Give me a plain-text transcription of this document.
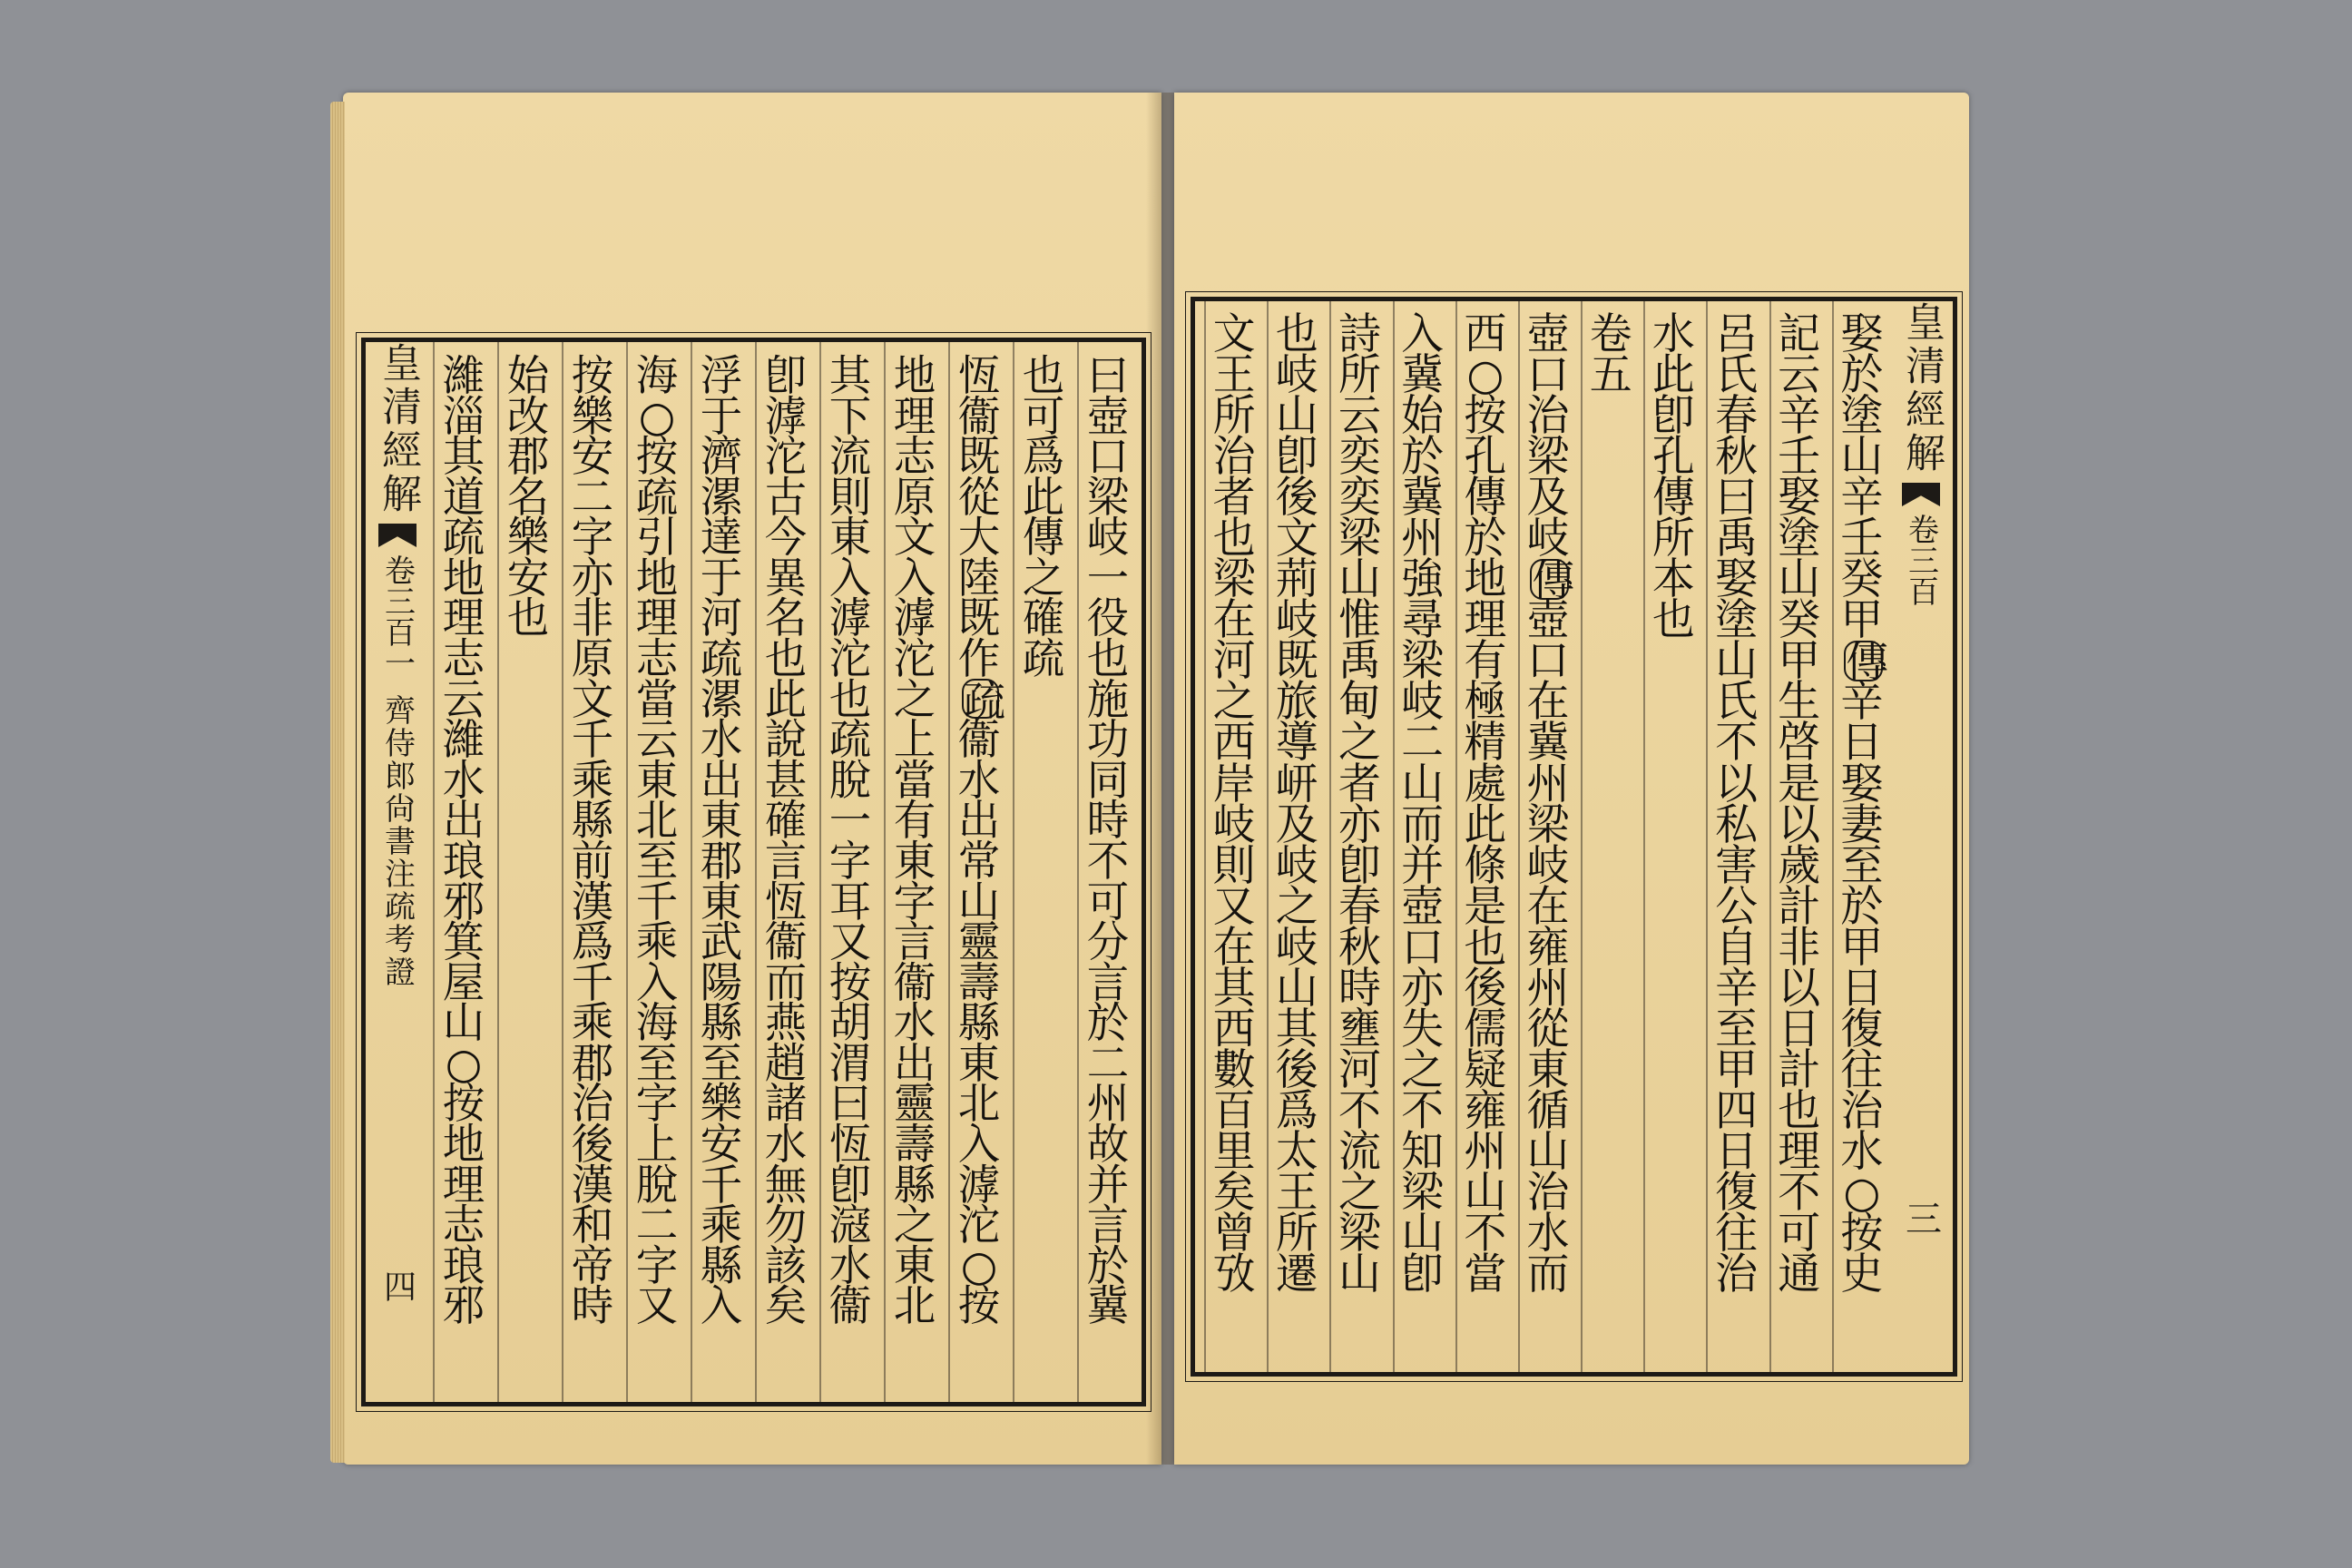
皇清經解
卷三百一
齊侍郎尙書注疏考證
四
曰
壺
口
梁
岐
一
役
也
施
功
同
時
不
可
分
言
於
二
州
故
并
言
於
冀
也
可
爲
此
傳
之
確
疏
恆
衞
既
從
大
陸
既
作
疏
衞
水
出
常
山
靈
壽
縣
東
北
入
滹
沱
○
按
地
理
志
原
文
入
滹
沱
之
上
當
有
東
字
言
衞
水
出
靈
壽
縣
之
東
北
其
下
流
則
東
入
滹
沱
也
疏
脫
一
字
耳
又
按
胡
渭
曰
恆
卽
滱
水
衞
卽
滹
沱
古
今
異
名
也
此
說
甚
確
言
恆
衞
而
燕
趙
諸
水
無
勿
該
矣
浮
于
濟
漯
達
于
河
疏
漯
水
出
東
郡
東
武
陽
縣
至
樂
安
千
乘
縣
入
海
○
按
疏
引
地
理
志
當
云
東
北
至
千
乘
入
海
至
字
上
脫
二
字
又
按
樂
安
二
字
亦
非
原
文
千
乘
縣
前
漢
爲
千
乘
郡
治
後
漢
和
帝
時
始
改
郡
名
樂
安
也
濰
淄
其
道
疏
地
理
志
云
濰
水
出
琅
邪
箕
屋
山
○
按
地
理
志
琅
邪
皇清經解
卷三百
三
娶
於
塗
山
辛
壬
癸
甲
傳
辛
日
娶
妻
至
於
甲
日
復
往
治
水
○
按
史
記
云
辛
壬
娶
塗
山
癸
甲
生
啓
是
以
歲
計
非
以
日
計
也
理
不
可
通
呂
氏
春
秋
曰
禹
娶
塗
山
氏
不
以
私
害
公
自
辛
至
甲
四
日
復
往
治
水
此
卽
孔
傳
所
本
也
卷
五
壺
口
治
梁
及
岐
傳
壺
口
在
冀
州
梁
岐
在
雍
州
從
東
循
山
治
水
而
西
○
按
孔
傳
於
地
理
有
極
精
處
此
條
是
也
後
儒
疑
雍
州
山
不
當
入
冀
始
於
冀
州
強
尋
梁
岐
二
山
而
并
壺
口
亦
失
之
不
知
梁
山
卽
詩
所
云
奕
奕
梁
山
惟
禹
甸
之
者
亦
卽
春
秋
時
壅
河
不
流
之
梁
山
也
岐
山
卽
後
文
荊
岐
既
旅
導
岍
及
岐
之
岐
山
其
後
爲
太
王
所
遷
文
王
所
治
者
也
梁
在
河
之
西
岸
岐
則
又
在
其
西
數
百
里
矣
曾
攷
